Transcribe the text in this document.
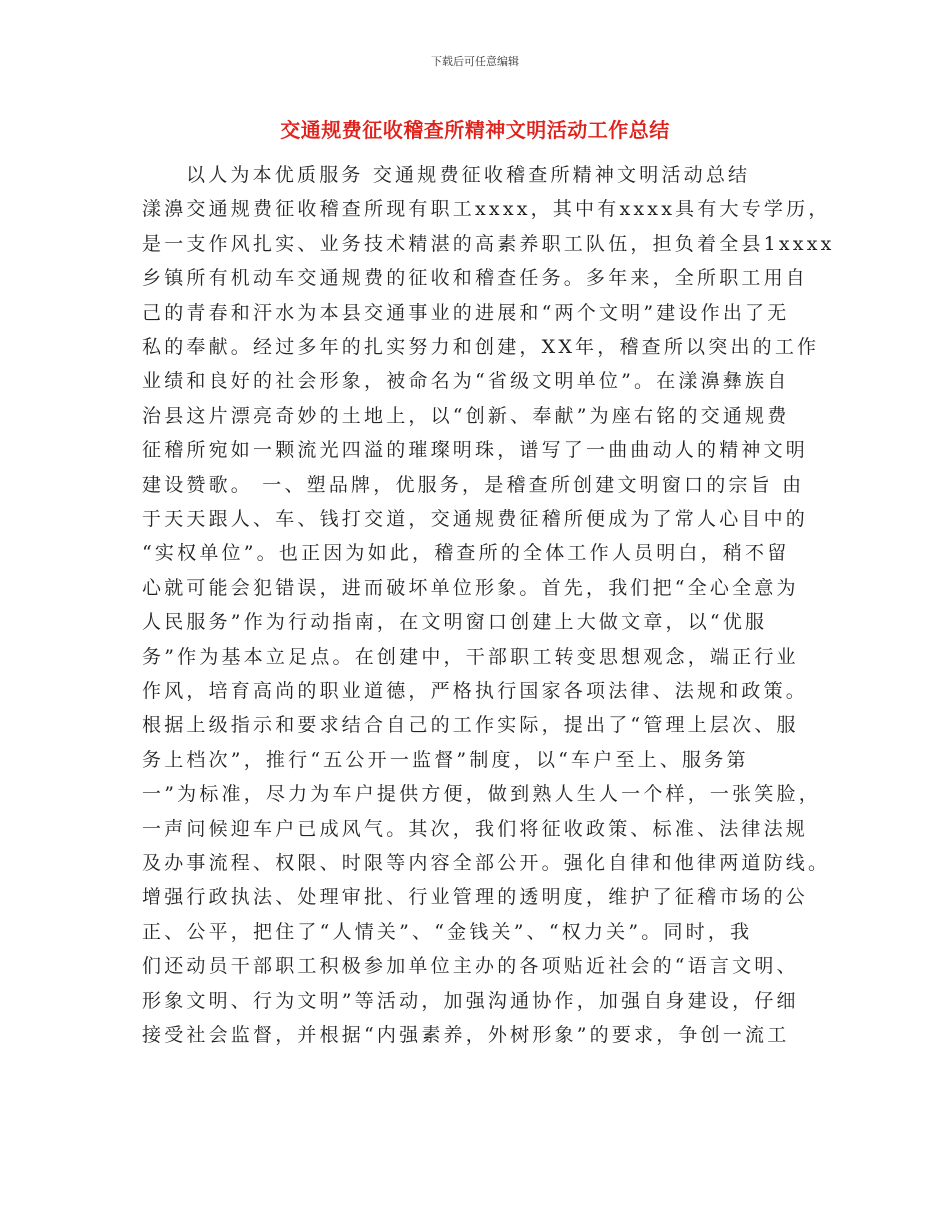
下载后可任意编辑
交通规费征收稽查所精神文明活动工作总结
以人为本优质服务 交通规费征收稽查所精神文明活动总结
漾濞交通规费征收稽查所现有职工xxxx，其中有xxxx具有大专学历，
是一支作风扎实、业务技术精湛的高素养职工队伍，担负着全县1xxxx
乡镇所有机动车交通规费的征收和稽查任务。多年来，全所职工用自
己的青春和汗水为本县交通事业的进展和“两个文明”建设作出了无
私的奉献。经过多年的扎实努力和创建，XX年，稽查所以突出的工作
业绩和良好的社会形象，被命名为“省级文明单位”。在漾濞彝族自
治县这片漂亮奇妙的土地上，以“创新、奉献”为座右铭的交通规费
征稽所宛如一颗流光四溢的璀璨明珠，谱写了一曲曲动人的精神文明
建设赞歌。 一、塑品牌，优服务，是稽查所创建文明窗口的宗旨 由
于天天跟人、车、钱打交道，交通规费征稽所便成为了常人心目中的
“实权单位”。也正因为如此，稽查所的全体工作人员明白，稍不留
心就可能会犯错误，进而破坏单位形象。首先，我们把“全心全意为
人民服务”作为行动指南，在文明窗口创建上大做文章，以“优服
务”作为基本立足点。在创建中，干部职工转变思想观念，端正行业
作风，培育高尚的职业道德，严格执行国家各项法律、法规和政策。
根据上级指示和要求结合自己的工作实际，提出了“管理上层次、服
务上档次”，推行“五公开一监督”制度，以“车户至上、服务第
一”为标准，尽力为车户提供方便，做到熟人生人一个样，一张笑脸，
一声问候迎车户已成风气。其次，我们将征收政策、标准、法律法规
及办事流程、权限、时限等内容全部公开。强化自律和他律两道防线。
增强行政执法、处理审批、行业管理的透明度，维护了征稽市场的公
正、公平，把住了“人情关”、“金钱关”、“权力关”。同时，我
们还动员干部职工积极参加单位主办的各项贴近社会的“语言文明、
形象文明、行为文明”等活动，加强沟通协作，加强自身建设，仔细
接受社会监督，并根据“内强素养，外树形象”的要求，争创一流工
